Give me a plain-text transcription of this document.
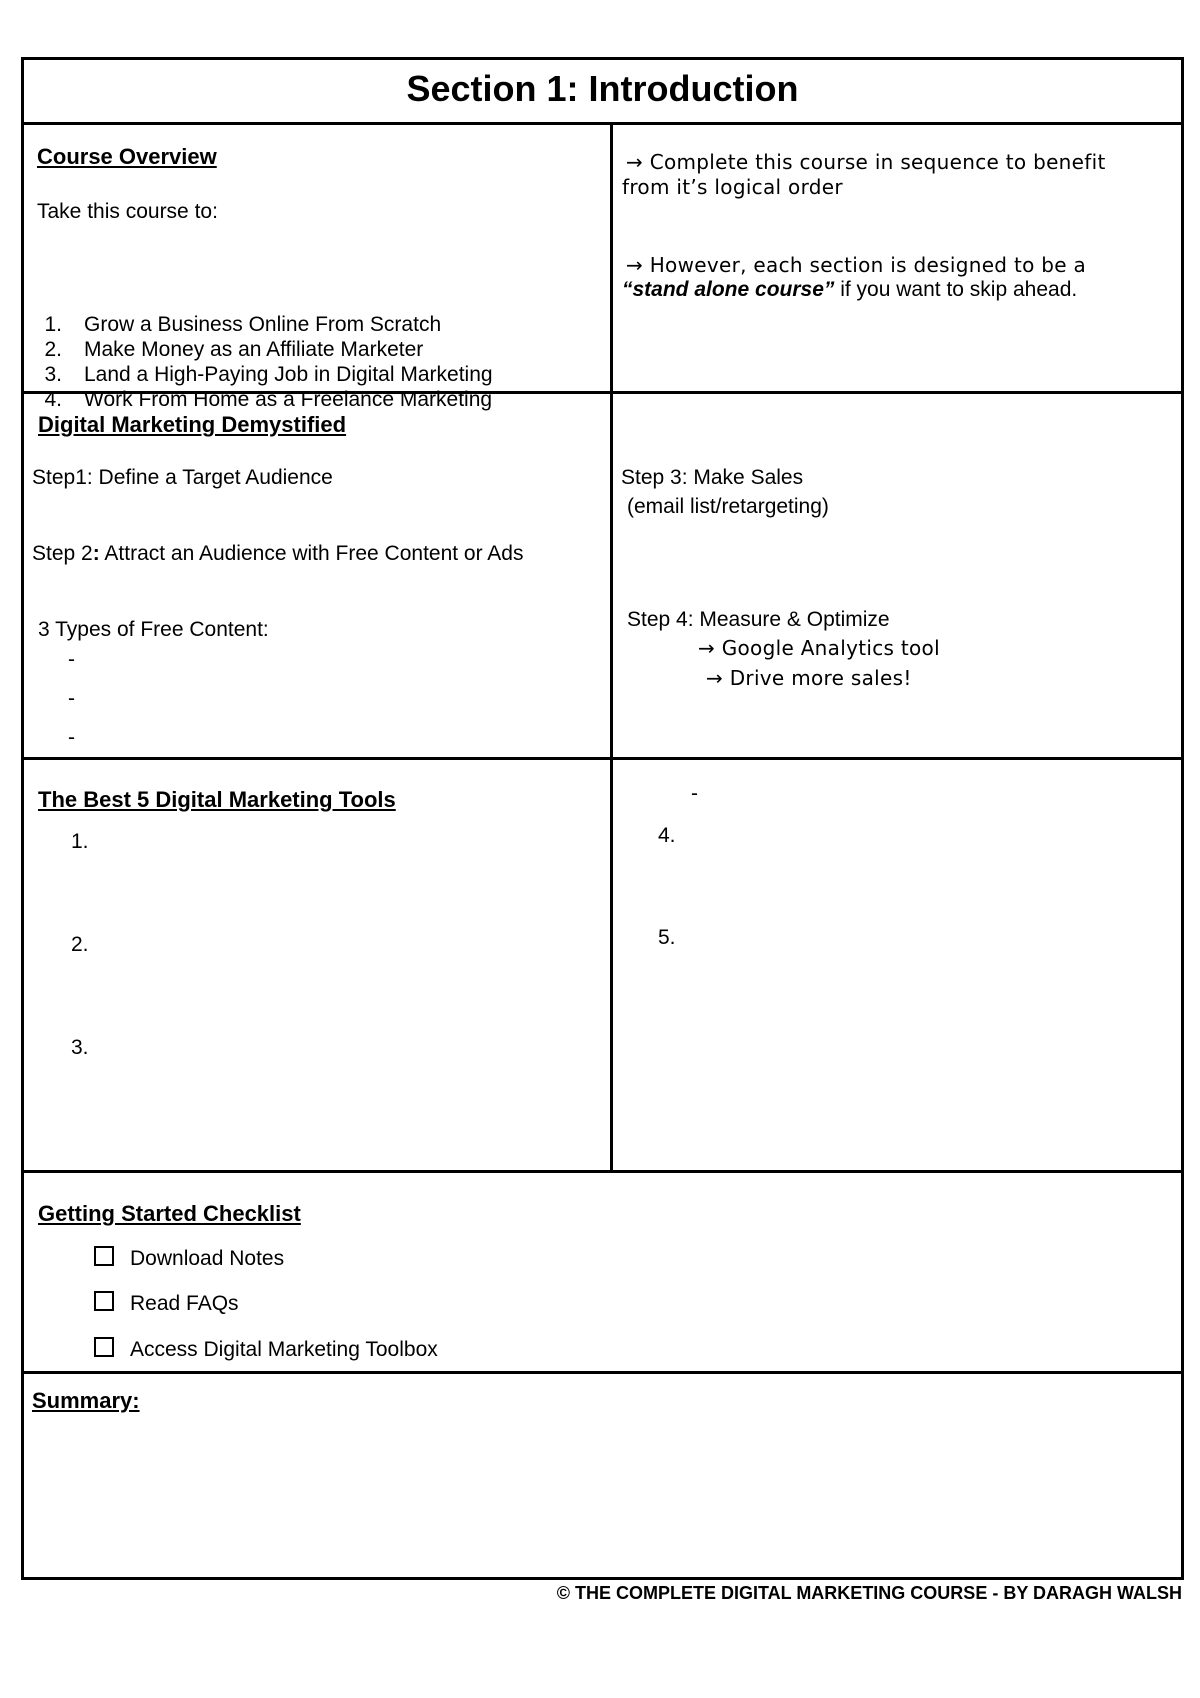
Section 1: Introduction
Course Overview
Take this course to:
1. Grow a Business Online From Scratch
2. Make Money as an Affiliate Marketer
3. Land a High-Paying Job in Digital Marketing
4. Work From Home as a Freelance Marketing
→ Complete this course in sequence to benefit
from it’s logical order
→ However, each section is designed to be a
“stand alone course” if you want to skip ahead.
Digital Marketing Demystified
Step1: Define a Target Audience
Step 2: Attract an Audience with Free Content or Ads
3 Types of Free Content:
-
-
-
Step 3: Make Sales
(email list/retargeting)
Step 4: Measure & Optimize
→ Google Analytics tool
→ Drive more sales!
The Best 5 Digital Marketing Tools
1.
2.
3.
-
4.
5.
Getting Started Checklist
Download Notes
Read FAQs
Access Digital Marketing Toolbox
Summary:
© THE COMPLETE DIGITAL MARKETING COURSE - BY DARAGH WALSH
